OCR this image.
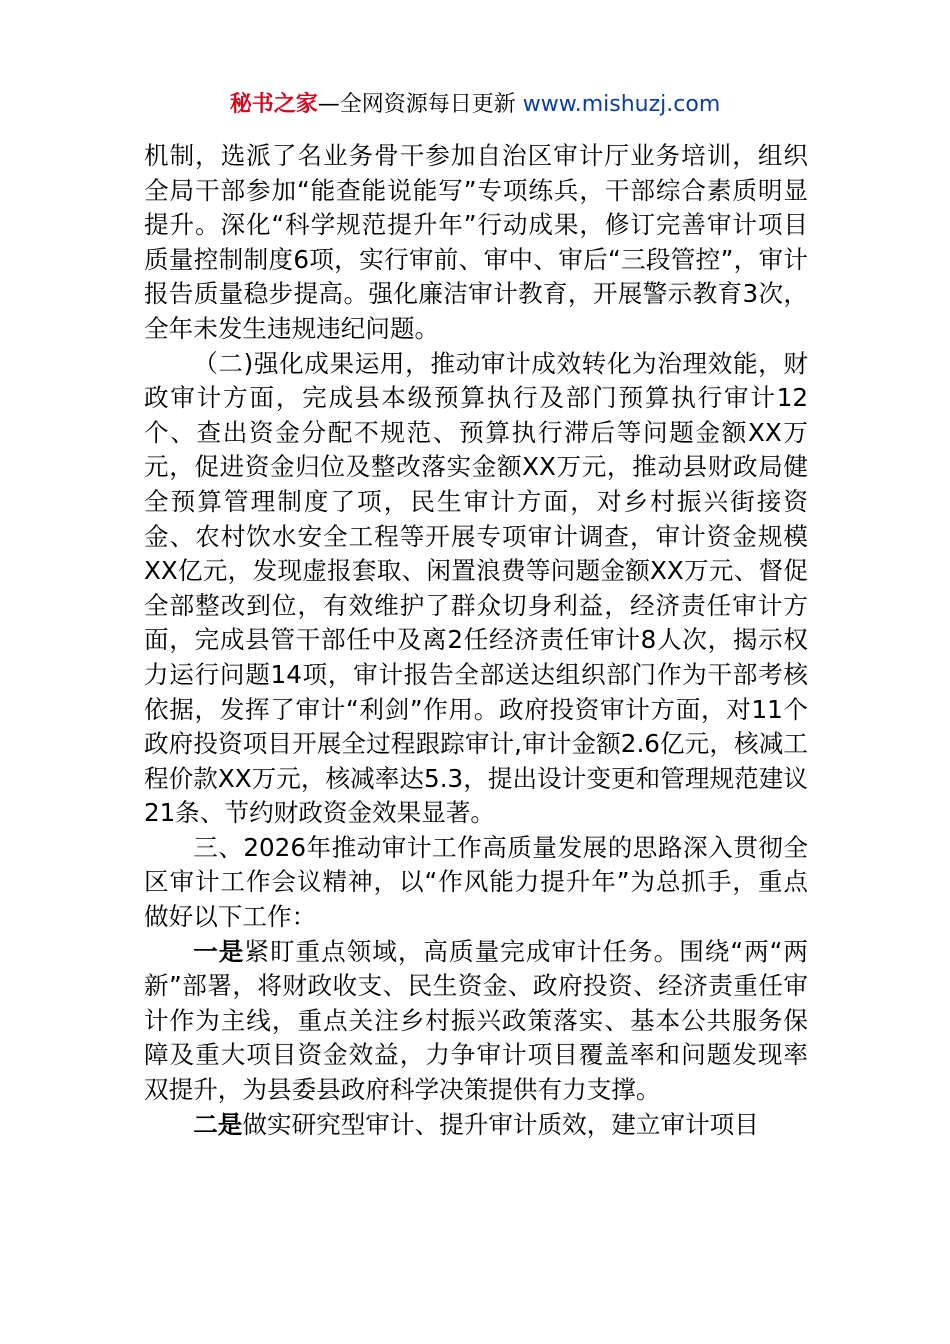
秘书之家—全网资源每日更新 www.mishuzj.com

机制，选派了名业务骨干参加自治区审计厅业务培训，组织全局干部参加“能查能说能写”专项练兵，干部综合素质明显提升。深化“科学规范提升年”行动成果，修订完善审计项目质量控制制度6项，实行审前、审中、审后“三段管控”，审计报告质量稳步提高。强化廉洁审计教育，开展警示教育3次，全年未发生违规违纪问题。

（二)强化成果运用，推动审计成效转化为治理效能，财政审计方面，完成县本级预算执行及部门预算执行审计12个、查出资金分配不规范、预算执行滞后等问题金额XX万元，促进资金归位及整改落实金额XX万元，推动县财政局健全预算管理制度了项，民生审计方面，对乡村振兴街接资金、农村饮水安全工程等开展专项审计调查，审计资金规模XX亿元，发现虚报套取、闲置浪费等问题金额XX万元、督促全部整改到位，有效维护了群众切身利益，经济责任审计方面，完成县管干部任中及离2任经济责任审计8人次，揭示权力运行问题14项，审计报告全部送达组织部门作为干部考核依据，发挥了审计“利剑”作用。政府投资审计方面，对11个政府投资项目开展全过程跟踪审计,审计金额2.6亿元，核减工程价款XX万元，核减率达5.3，提出设计变更和管理规范建议21条、节约财政资金效果显著。

三、2026年推动审计工作高质量发展的思路深入贯彻全区审计工作会议精神，以“作风能力提升年”为总抓手，重点做好以下工作：

一是紧盯重点领域，高质量完成审计任务。围绕“两“两新”部署，将财政收支、民生资金、政府投资、经济责重任审计作为主线，重点关注乡村振兴政策落实、基本公共服务保障及重大项目资金效益，力争审计项目覆盖率和问题发现率双提升，为县委县政府科学决策提供有力支撑。

二是做实研究型审计、提升审计质效，建立审计项目
